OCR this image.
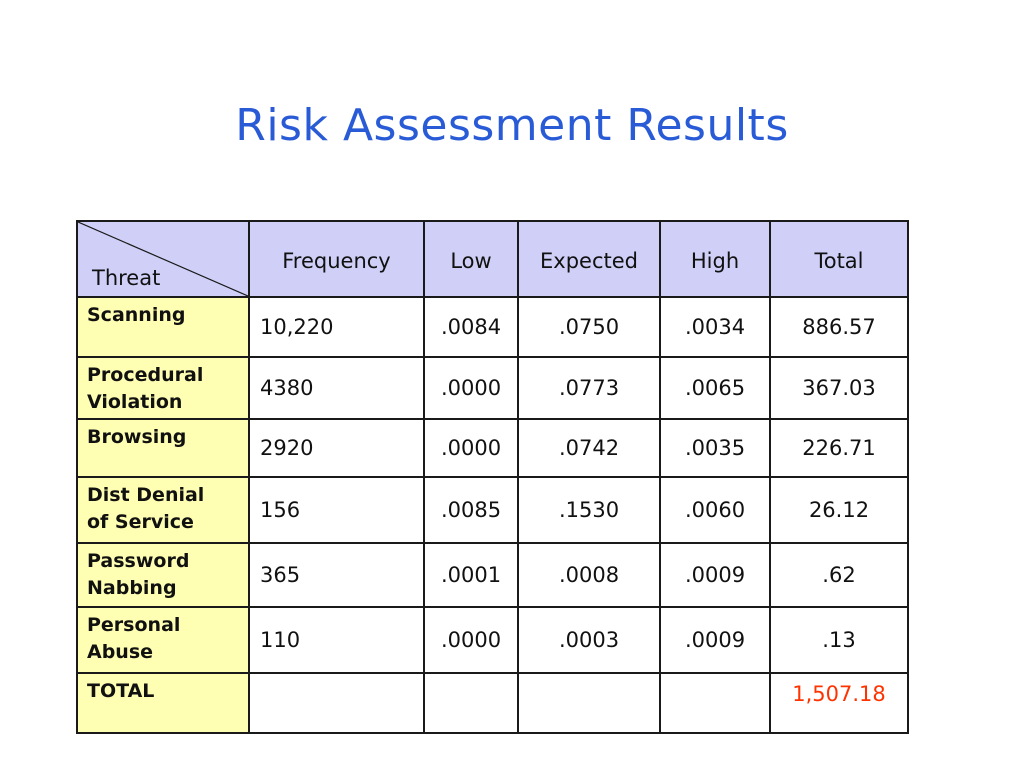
Risk Assessment Results
Threat	Frequency	Low	Expected	High	Total
Scanning	10,220	.0084	.0750	.0034	886.57
Procedural
Violation	4380	.0000	.0773	.0065	367.03
Browsing	2920	.0000	.0742	.0035	226.71
Dist Denial
of Service	156	.0085	.1530	.0060	26.12
Password
Nabbing	365	.0001	.0008	.0009	.62
Personal
Abuse	110	.0000	.0003	.0009	.13
TOTAL					1,507.18
